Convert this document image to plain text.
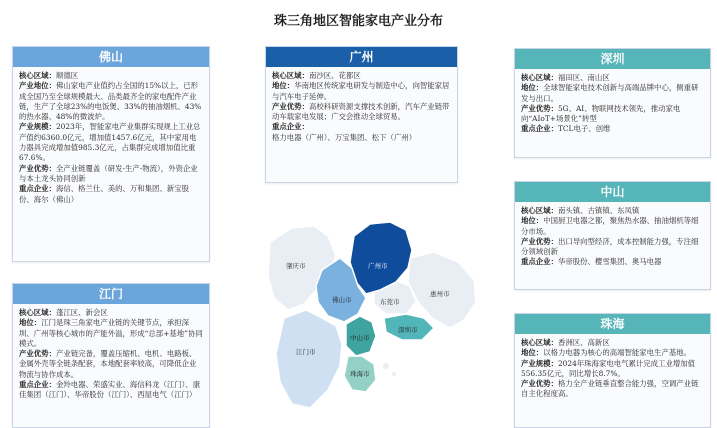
珠三角地区智能家电产业分布
佛山

核心区域：顺德区

产业地位：佛山家电产业值约占全国的15%以上，已形成全国乃至全球规模最大、品类最齐全的家电配件产业链，生产了全球23%的电饭煲、33%的抽油烟机、43%的热水器、48%的微波炉。

产业规模：2023年，智能家电产业集群实现规上工业总产值约6360.0亿元，增加值1457.6亿元，其中家用电力器具完成增加值985.3亿元，占集群完成增加值比重67.6%。

产业优势：全产业链覆盖（研发-生产-物流），外资企业与本土龙头协同创新

重点企业：海信、格兰仕、美的、万和集团、新宝股份、海尔（佛山）

江门

核心区域：蓬江区、新会区

地位：江门是珠三角家电产业链的关键节点，承担深圳、广州等核心城市的产能外溢，形成“总部+基地”协同模式。

产业优势：产业链完备，覆盖压缩机、电机、电路板、金属外壳等全链条配套，本地配套率较高，可降低企业物流与协作成本。

重点企业：金羚电器、荣盛实业、海信科龙（江门）、康佳集团（江门）、华帝股份（江门）、西屋电气（江门）

广州

核心区域：南沙区、花都区

地位：华南地区传统家电研发与制造中心，向智能家居与汽车电子延伸。

产业优势：高校科研资源支撑技术创新，汽车产业链带动车载家电发展；广交会推动全球贸易。

重点企业：格力电器（广州）、万宝集团、松下（广州）

深圳

核心区域：福田区、南山区

地位：全球智能家电技术创新与高端品牌中心，侧重研发与出口。

产业优势：5G、AI、物联网技术领先，推动家电向“AIoT+场景化”转型

重点企业：TCL电子、创维

中山

核心区域：南头镇、古镇镇、东凤镇

地位：中国厨卫电器之都，聚焦热水器、抽油烟机等细分市场。

产业优势：出口导向型经济，成本控制能力强，专注细分领域创新

重点企业：华帝股份、樱雪集团、奥马电器

珠海

核心区域：香洲区、高新区

地位：以格力电器为核心的高端智能家电生产基地。

产业规模：2024年珠海家电电气累计完成工业增加值556.35亿元，同比增长8.7%。

产业优势：格力全产业链垂直整合能力强，空调产业链自主化程度高。

肇庆市	广州市
佛山市	东莞市
惠州市
深圳市
江门市
中山市
珠海市
